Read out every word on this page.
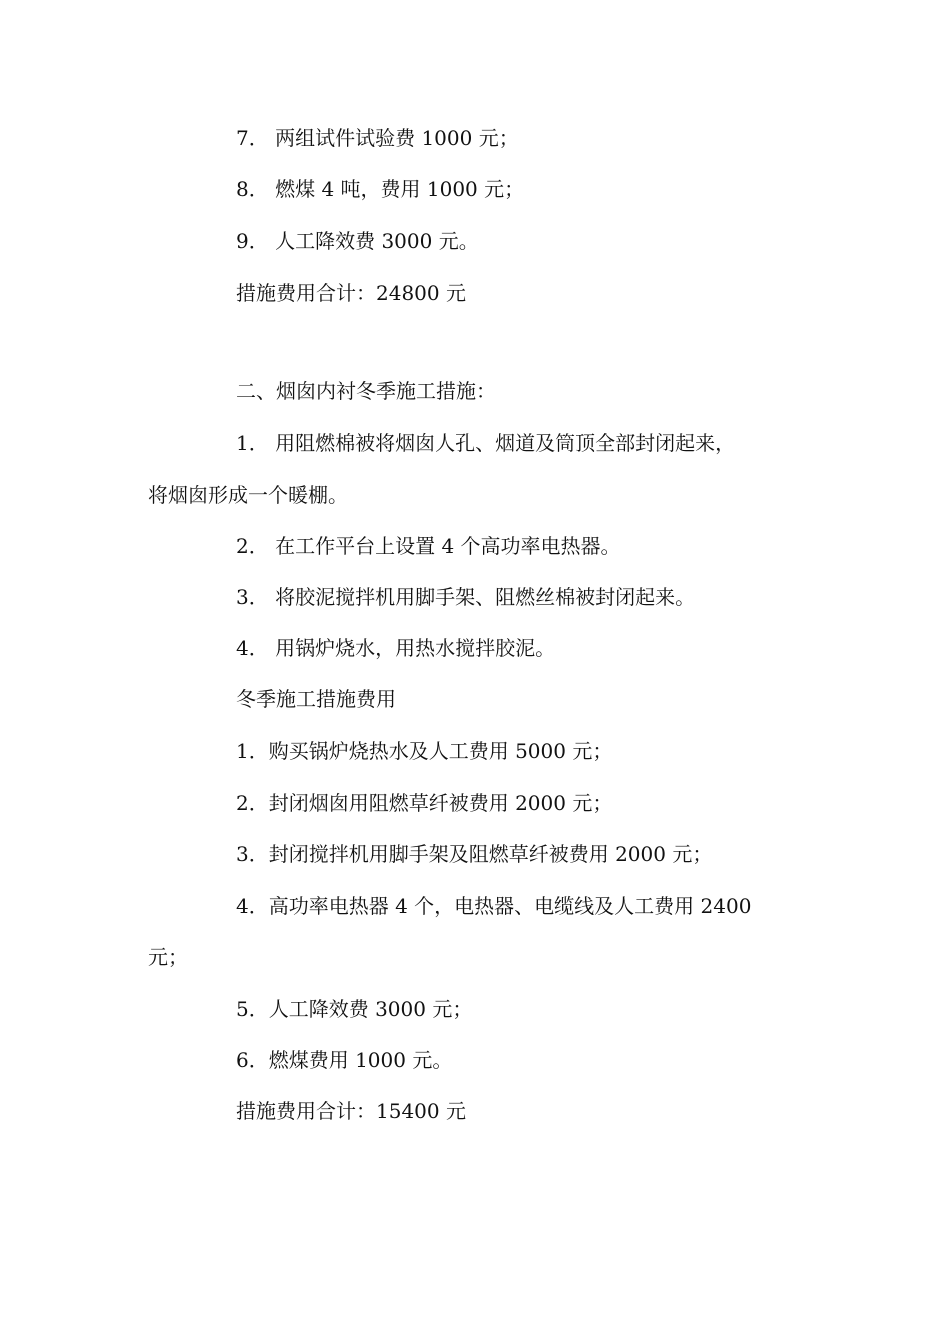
7． 两组试件试验费 1000 元；

8． 燃煤 4 吨，费用 1000 元；

9． 人工降效费 3000 元。

措施费用合计：24800 元

二、烟囱内衬冬季施工措施：

1． 用阻燃棉被将烟囱人孔、烟道及筒顶全部封闭起来，

将烟囱形成一个暖棚。

2． 在工作平台上设置 4 个高功率电热器。

3． 将胶泥搅拌机用脚手架、阻燃丝棉被封闭起来。

4． 用锅炉烧水，用热水搅拌胶泥。

冬季施工措施费用

1．购买锅炉烧热水及人工费用 5000 元；

2．封闭烟囱用阻燃草纤被费用 2000 元；

3．封闭搅拌机用脚手架及阻燃草纤被费用 2000 元；

4．高功率电热器 4 个，电热器、电缆线及人工费用 2400

元；

5．人工降效费 3000 元；

6．燃煤费用 1000 元。

措施费用合计：15400 元
